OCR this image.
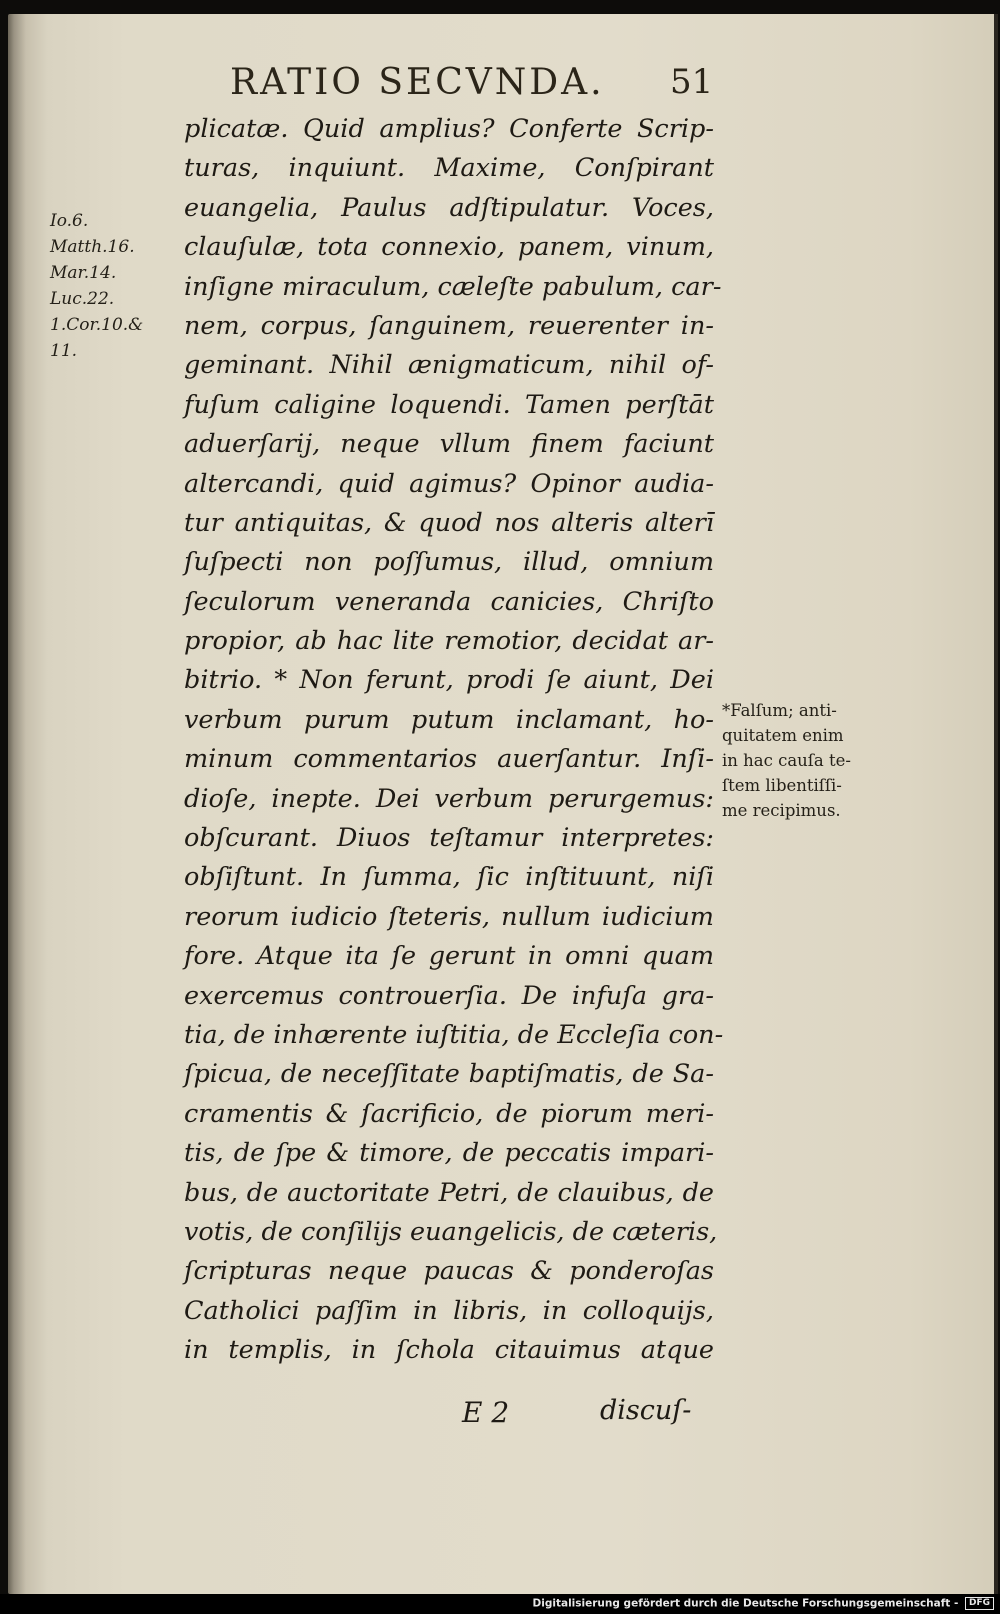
RATIO SECVNDA. 51
Io.6.
Matth.16.
Mar.14.
Luc.22.
1.Cor.10.&
11.
plicatæ. Quid amplius? Conferte Scrip-
turas, inquiunt. Maxime, Conſpirant
euangelia, Paulus adſtipulatur. Voces,
clauſulæ, tota connexio, panem, vinum,
inſigne miraculum, cæleſte pabulum, car-
nem, corpus, ſanguinem, reuerenter in-
geminant. Nihil ænigmaticum, nihil of-
fuſum caligine loquendi. Tamen perſtāt
aduerſarij, neque vllum finem faciunt
altercandi, quid agimus? Opinor audia-
tur antiquitas, & quod nos alteris alterī
ſuſpecti non poſſumus, illud, omnium
ſeculorum veneranda canicies, Chriſto
propior, ab hac lite remotior, decidat ar-
bitrio. * Non ferunt, prodi ſe aiunt, Dei
verbum purum putum inclamant, ho-
minum commentarios auerſantur. Inſi-
dioſe, inepte. Dei verbum perurgemus:
obſcurant. Diuos teſtamur interpretes:
obſiſtunt. In ſumma, ſic inſtituunt, niſi
reorum iudicio ſteteris, nullum iudicium
fore. Atque ita ſe gerunt in omni quam
exercemus controuerſia. De infuſa gra-
tia, de inhærente iuſtitia, de Eccleſia con-
ſpicua, de neceſſitate baptiſmatis, de Sa-
cramentis & ſacrificio, de piorum meri-
tis, de ſpe & timore, de peccatis impari-
bus, de auctoritate Petri, de clauibus, de
votis, de conſilijs euangelicis, de cæteris,
ſcripturas neque paucas & ponderoſas
Catholici paſſim in libris, in colloquijs,
in templis, in ſchola citauimus atque
*Falſum; anti-
quitatem enim
in hac cauſa te-
ſtem libentiſſi-
me recipimus.
E 2	discuſ-
Digitalisierung gefördert durch die Deutsche Forschungsgemeinschaft - DFG
